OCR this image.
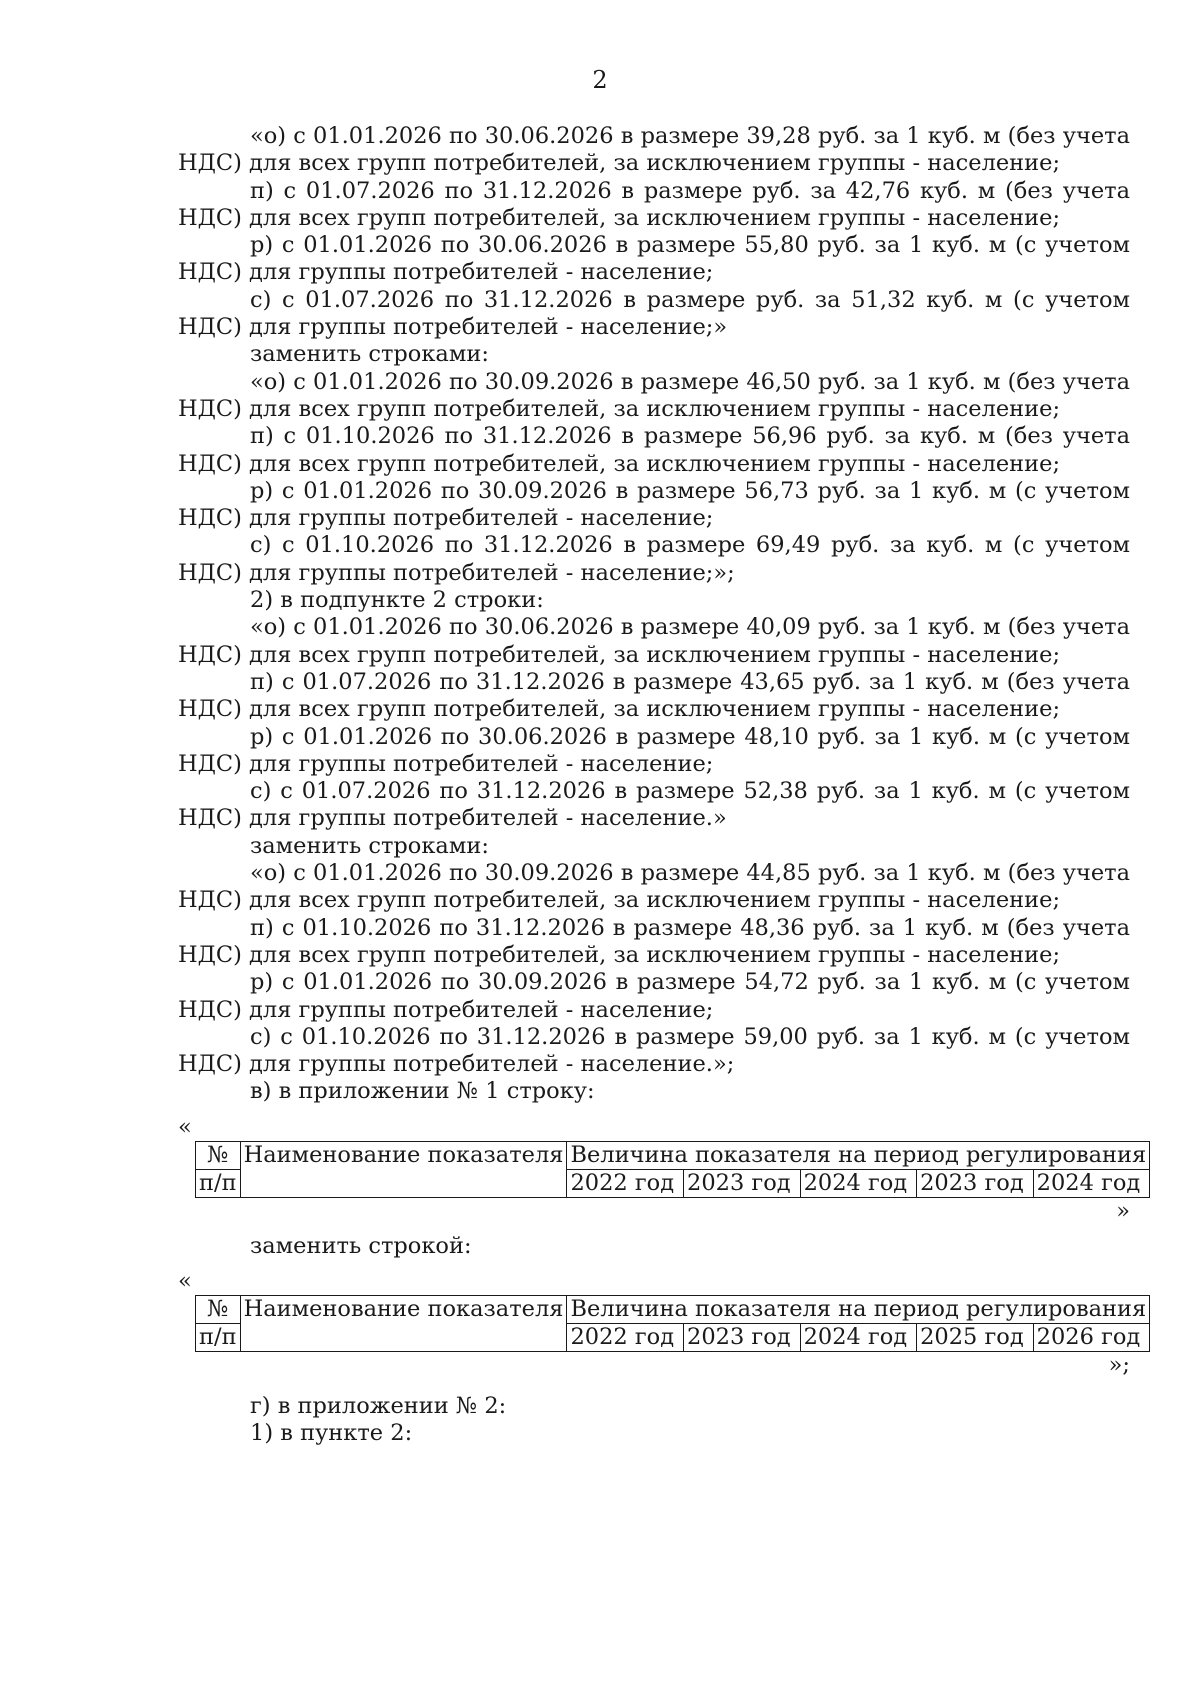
2
«о) с 01.01.2026 по 30.06.2026 в размере 39,28 руб. за 1 куб. м (без учета НДС) для всех групп потребителей, за исключением группы - население;
п) с 01.07.2026 по 31.12.2026 в размере руб. за 42,76 куб. м (без учета НДС) для всех групп потребителей, за исключением группы - население;
р) с 01.01.2026 по 30.06.2026 в размере 55,80 руб. за 1 куб. м (с учетом НДС) для группы потребителей - население;
с) с 01.07.2026 по 31.12.2026 в размере руб. за 51,32 куб. м (с учетом НДС) для группы потребителей - население;»
заменить строками:
«о) с 01.01.2026 по 30.09.2026 в размере 46,50 руб. за 1 куб. м (без учета НДС) для всех групп потребителей, за исключением группы - население;
п) с 01.10.2026 по 31.12.2026 в размере 56,96 руб. за куб. м (без учета НДС) для всех групп потребителей, за исключением группы - население;
р) с 01.01.2026 по 30.09.2026 в размере 56,73 руб. за 1 куб. м (с учетом НДС) для группы потребителей - население;
с) с 01.10.2026 по 31.12.2026 в размере 69,49 руб. за куб. м (с учетом НДС) для группы потребителей - население;»;
2) в подпункте 2 строки:
«о) с 01.01.2026 по 30.06.2026 в размере 40,09 руб. за 1 куб. м (без учета НДС) для всех групп потребителей, за исключением группы - население;
п) с 01.07.2026 по 31.12.2026 в размере 43,65 руб. за 1 куб. м (без учета НДС) для всех групп потребителей, за исключением группы - население;
р) с 01.01.2026 по 30.06.2026 в размере 48,10 руб. за 1 куб. м (с учетом НДС) для группы потребителей - население;
с) с 01.07.2026 по 31.12.2026 в размере 52,38 руб. за 1 куб. м (с учетом НДС) для группы потребителей - население.»
заменить строками:
«о) с 01.01.2026 по 30.09.2026 в размере 44,85 руб. за 1 куб. м (без учета НДС) для всех групп потребителей, за исключением группы - население;
п) с 01.10.2026 по 31.12.2026 в размере 48,36 руб. за 1 куб. м (без учета НДС) для всех групп потребителей, за исключением группы - население;
р) с 01.01.2026 по 30.09.2026 в размере 54,72 руб. за 1 куб. м (с учетом НДС) для группы потребителей - население;
с) с 01.10.2026 по 31.12.2026 в размере 59,00 руб. за 1 куб. м (с учетом НДС) для группы потребителей - население.»;
в) в приложении № 1 строку:
«
№	Наименование показателя	Величина показателя на период регулирования				
п/п		2022 год	2023 год	2024 год	2023 год	2024 год
»
заменить строкой:
«
№	Наименование показателя	Величина показателя на период регулирования				
п/п		2022 год	2023 год	2024 год	2025 год	2026 год
»;
г) в приложении № 2:
1) в пункте 2:
